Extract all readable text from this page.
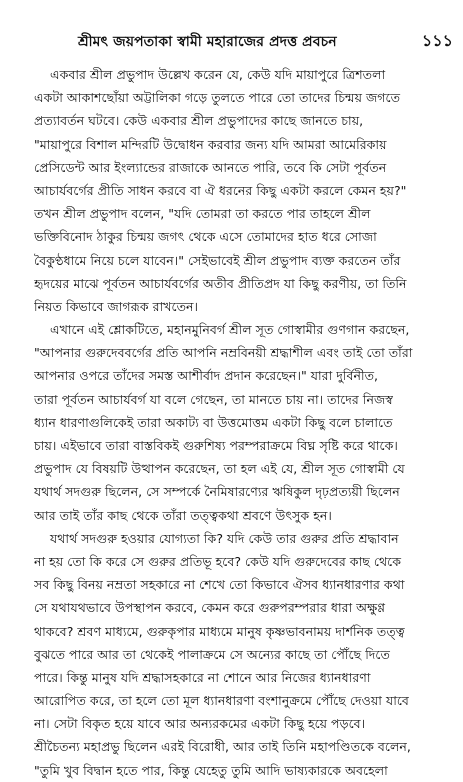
শ্রীমৎ জয়পতাকা স্বামী মহারাজের প্রদত্ত প্রবচন	১১১
একবার শ্রীল প্রভুপাদ উল্লেখ করেন যে, কেউ যদি মায়াপুরে ত্রিশতলা
একটা আকাশছোঁয়া অট্টালিকা গড়ে তুলতে পারে তো তাদের চিন্ময় জগতে
প্রত্যাবর্তন ঘটবে। কেউ একবার শ্রীল প্রভুপাদের কাছে জানতে চায়,
"মায়াপুরে বিশাল মন্দিরটি উদ্বোধন করবার জন্য যদি আমরা আমেরিকায়
প্রেসিডেন্ট আর ইংল্যান্ডের রাজাকে আনতে পারি, তবে কি সেটা পূর্বতন
আচার্যবর্গের প্রীতি সাধন করবে বা ঐ ধরনের কিছু একটা করলে কেমন হয়?"
তখন শ্রীল প্রভুপাদ বলেন, "যদি তোমরা তা করতে পার তাহলে শ্রীল
ভক্তিবিনোদ ঠাকুর চিন্ময় জগৎ থেকে এসে তোমাদের হাত ধরে সোজা
বৈকুণ্ঠধামে নিয়ে চলে যাবেন।" সেইভাবেই শ্রীল প্রভুপাদ ব্যক্ত করতেন তাঁর
হৃদয়ের মাঝে পূর্বতন আচার্যবর্গের অতীব প্রীতিপ্রদ যা কিছু করণীয়, তা তিনি
নিয়ত কিভাবে জাগরূক রাখতেন।
এখানে এই শ্লোকটিতে, মহানমুনিবর্গ শ্রীল সূত গোস্বামীর গুণগান করছেন,
"আপনার গুরুদেববর্গের প্রতি আপনি নম্রবিনয়ী শ্রদ্ধাশীল এবং তাই তো তাঁরা
আপনার ওপরে তাঁদের সমস্ত আশীর্বাদ প্রদান করেছেন।" যারা দুর্বিনীত,
তারা পূর্বতন আচার্যবর্গ যা বলে গেছেন, তা মানতে চায় না। তাদের নিজস্ব
ধ্যান ধারণাগুলিকেই তারা অকাট্য বা উত্তমোত্তম একটা কিছু বলে চালাতে
চায়। এইভাবে তারা বাস্তবিকই গুরুশিষ্য পরম্পরাক্রমে বিঘ্ন সৃষ্টি করে থাকে।
প্রভুপাদ যে বিষয়টি উত্থাপন করেছেন, তা হল এই যে, শ্রীল সূত গোস্বামী যে
যথার্থ সদগুরু ছিলেন, সে সম্পর্কে নৈমিষারণ্যের ঋষিকুল দৃঢ়প্রত্যয়ী ছিলেন
আর তাই তাঁর কাছ থেকে তাঁরা তত্ত্বকথা শ্রবণে উৎসুক হন।
যথার্থ সদগুরু হওয়ার যোগ্যতা কি? যদি কেউ তার গুরুর প্রতি শ্রদ্ধাবান
না হয় তো কি করে সে গুরুর প্রতিভূ হবে? কেউ যদি গুরুদেবের কাছ থেকে
সব কিছু বিনয় নম্রতা সহকারে না শেখে তো কিভাবে ঐসব ধ্যানধারণার কথা
সে যথাযথভাবে উপস্থাপন করবে, কেমন করে গুরুপরম্পরার ধারা অক্ষুণ্ণ
থাকবে? শ্রবণ মাধ্যমে, গুরুকৃপার মাধ্যমে মানুষ কৃষ্ণভাবনাময় দার্শনিক তত্ত্ব
বুঝতে পারে আর তা থেকেই পালাক্রমে সে অন্যের কাছে তা পৌঁছে দিতে
পারে। কিন্তু মানুষ যদি শ্রদ্ধাসহকারে না শোনে আর নিজের ধ্যানধারণা
আরোপিত করে, তা হলে তো মূল ধ্যানধারণা বংশানুক্রমে পৌঁছে দেওয়া যাবে
না। সেটা বিকৃত হয়ে যাবে আর অন্যরকমের একটা কিছু হয়ে পড়বে।
শ্রীচৈতন্য মহাপ্রভু ছিলেন এরই বিরোধী, আর তাই তিনি মহাপণ্ডিতকে বলেন,
"তুমি খুব বিদ্বান হতে পার, কিন্তু যেহেতু তুমি আদি ভাষ্যকারকে অবহেলা
